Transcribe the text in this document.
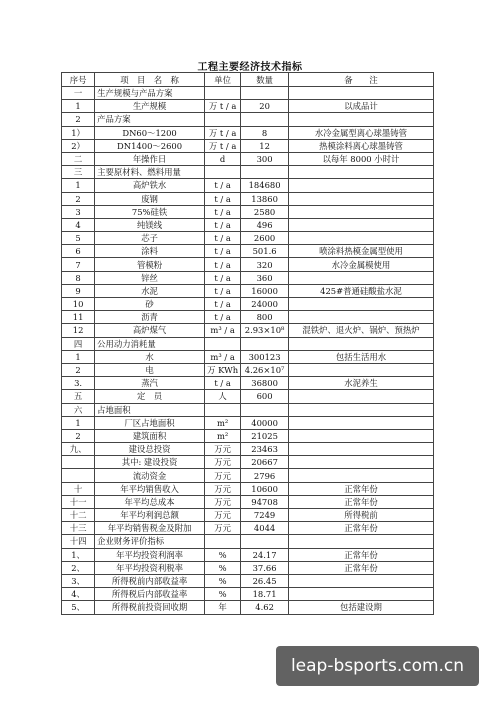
工程主要经济技术指标
序号	项　目　名　称	单位	数量	备　　注
一	生产规模与产品方案			
1	生产规模	万 t / a	20	以成品计
2	产品方案			
1）	DN60～1200	万 t / a	8	水冷金属型离心球墨铸管
2）	DN1400～2600	万 t / a	12	热模涂料离心球墨铸管
二	年操作日	d	300	以每年 8000 小时计
三	主要原材料、燃料用量			
1	高炉铁水	t / a	184680	
2	废钢	t / a	13860	
3	75%硅铁	t / a	2580	
4	纯镁线	t / a	496	
5	芯子	t / a	2600	
6	涂料	t / a	501.6	喷涂料热模金属型使用
7	管模粉	t / a	320	水冷金属模使用
8	锌丝	t / a	360	
9	水泥	t / a	16000	425#普通硅酸盐水泥
10	砂	t / a	24000	
11	沥青	t / a	800	
12	高炉煤气	m³ / a	2.93×10⁸	混铁炉、退火炉、锅炉、预热炉
四	公用动力消耗量			
1	水	m³ / a	300123	包括生活用水
2	电	万 KWh	4.26×10⁷	
3.	蒸汽	t / a	36800	水泥养生
五	定　员	人	600	
六	占地面积			
1	厂区占地面积	m²	40000	
2	建筑面积	m²	21025	
九、	建设总投资	万元	23463	
	其中: 建设投资	万元	20667	
	流动资金	万元	2796	
十	年平均销售收入	万元	10600	正常年份
十一	年平均总成本	万元	94708	正常年份
十二	年平均利润总额	万元	7249	所得税前
十三	年平均销售税金及附加	万元	4044	正常年份
十四	企业财务评价指标			
1、	年平均投资利润率	%	24.17	正常年份
2、	年平均投资利税率	%	37.66	正常年份
3、	所得税前内部收益率	%	26.45	
4、	所得税后内部收益率	%	18.71	
5、	所得税前投资回收期	年	4.62	包括建设期
leap-bsports.com.cn
